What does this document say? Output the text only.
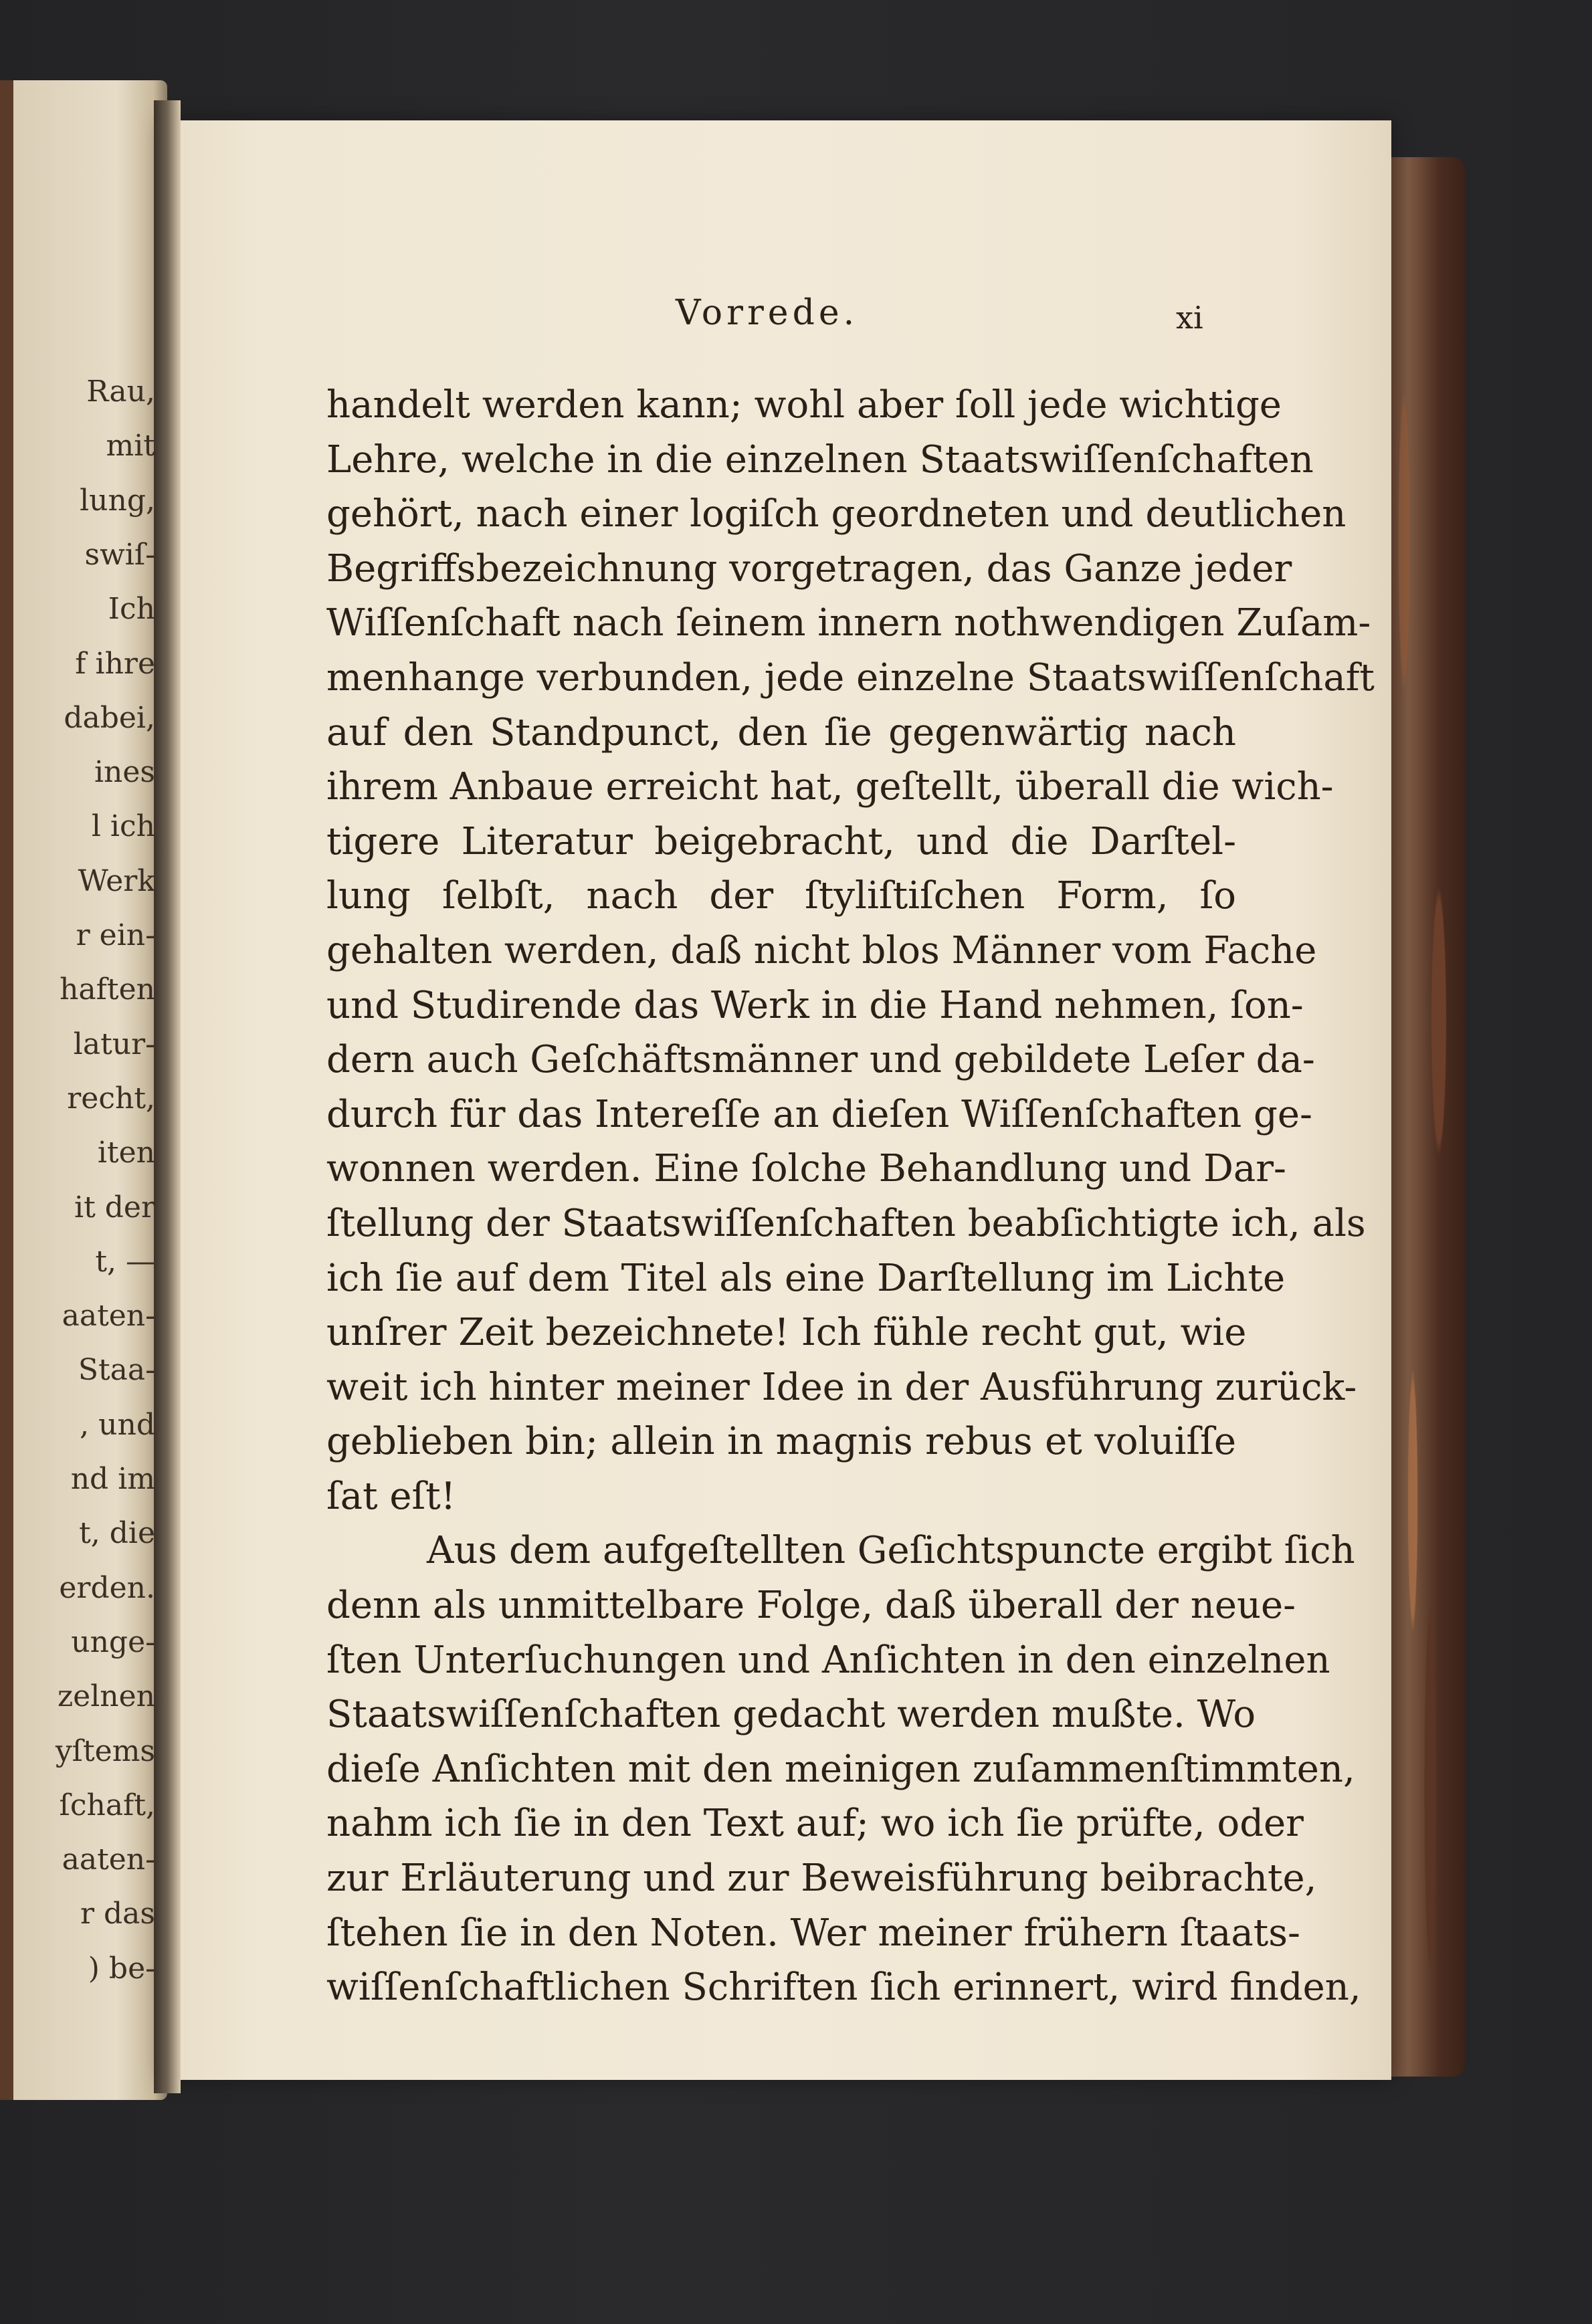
Rau,
mit
lung,
swiſ-
Ich
f ihre
dabei,
ines
l ich
Werk
r ein-
haften
latur-
recht,
iten
it der
t, —
aaten-
Staa-
, und
nd im
t, die
erden.
unge-
zelnen
yſtems
ſchaft,
aaten-
r das
) be-
Vorrede.	xi
handelt werden kann; wohl aber ſoll jede wichtige
Lehre, welche in die einzelnen Staatswiſſenſchaften
gehört, nach einer logiſch geordneten und deutlichen
Begriffsbezeichnung vorgetragen, das Ganze jeder
Wiſſenſchaft nach ſeinem innern nothwendigen Zuſam-
menhange verbunden, jede einzelne Staatswiſſenſchaft
auf den Standpunct, den ſie gegenwärtig nach
ihrem Anbaue erreicht hat, geſtellt, überall die wich-
tigere Literatur beigebracht, und die Darſtel-
lung ſelbſt, nach der ſtyliſtiſchen Form, ſo
gehalten werden, daß nicht blos Männer vom Fache
und Studirende das Werk in die Hand nehmen, ſon-
dern auch Geſchäftsmänner und gebildete Leſer da-
durch für das Intereſſe an dieſen Wiſſenſchaften ge-
wonnen werden. Eine ſolche Behandlung und Dar-
ſtellung der Staatswiſſenſchaften beabſichtigte ich, als
ich ſie auf dem Titel als eine Darſtellung im Lichte
unſrer Zeit bezeichnete! Ich fühle recht gut, wie
weit ich hinter meiner Idee in der Ausführung zurück-
geblieben bin; allein in magnis rebus et voluiſſe
ſat eſt!
Aus dem aufgeſtellten Geſichtspuncte ergibt ſich
denn als unmittelbare Folge, daß überall der neue-
ſten Unterſuchungen und Anſichten in den einzelnen
Staatswiſſenſchaften gedacht werden mußte. Wo
dieſe Anſichten mit den meinigen zuſammenſtimmten,
nahm ich ſie in den Text auf; wo ich ſie prüfte, oder
zur Erläuterung und zur Beweisführung beibrachte,
ſtehen ſie in den Noten. Wer meiner frühern ſtaats-
wiſſenſchaftlichen Schriften ſich erinnert, wird finden,
